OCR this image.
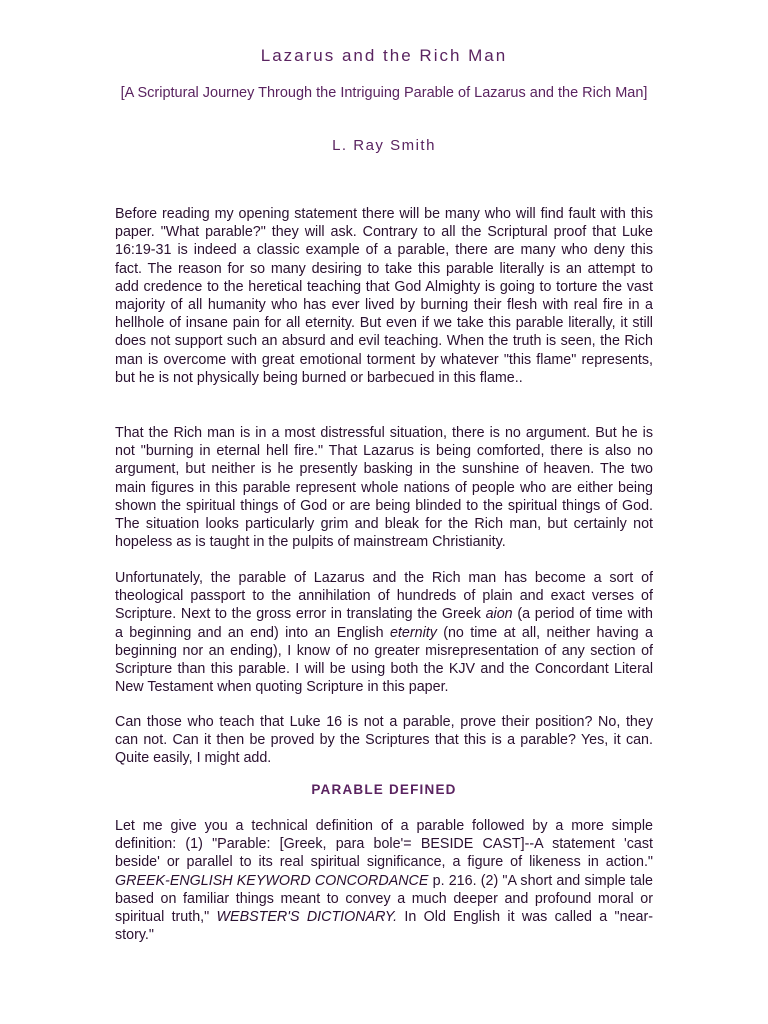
Lazarus and the Rich Man

[A Scriptural Journey Through the Intriguing Parable of Lazarus and the Rich Man]

L. Ray Smith

Before reading my opening statement there will be many who will find fault with this paper. "What parable?" they will ask. Contrary to all the Scriptural proof that Luke 16:19-31 is indeed a classic example of a parable, there are many who deny this fact. The reason for so many desiring to take this parable literally is an attempt to add credence to the heretical teaching that God Almighty is going to torture the vast majority of all humanity who has ever lived by burning their flesh with real fire in a hellhole of insane pain for all eternity. But even if we take this parable literally, it still does not support such an absurd and evil teaching. When the truth is seen, the Rich man is overcome with great emotional torment by whatever "this flame" represents, but he is not physically being burned or barbecued in this flame..

That the Rich man is in a most distressful situation, there is no argument. But he is not "burning in eternal hell fire." That Lazarus is being comforted, there is also no argument, but neither is he presently basking in the sunshine of heaven. The two main figures in this parable represent whole nations of people who are either being shown the spiritual things of God or are being blinded to the spiritual things of God. The situation looks particularly grim and bleak for the Rich man, but certainly not hopeless as is taught in the pulpits of mainstream Christianity.

Unfortunately, the parable of Lazarus and the Rich man has become a sort of theological passport to the annihilation of hundreds of plain and exact verses of Scripture. Next to the gross error in translating the Greek aion (a period of time with a beginning and an end) into an English eternity (no time at all, neither having a beginning nor an ending), I know of no greater misrepresentation of any section of Scripture than this parable. I will be using both the KJV and the Concordant Literal New Testament when quoting Scripture in this paper.

Can those who teach that Luke 16 is not a parable, prove their position? No, they can not. Can it then be proved by the Scriptures that this is a parable? Yes, it can. Quite easily, I might add.

PARABLE DEFINED

Let me give you a technical definition of a parable followed by a more simple definition: (1) "Parable: [Greek, para bole'= BESIDE CAST]--A statement 'cast beside' or parallel to its real spiritual significance, a figure of likeness in action." GREEK-ENGLISH KEYWORD CONCORDANCE p. 216. (2) "A short and simple tale based on familiar things meant to convey a much deeper and profound moral or spiritual truth," WEBSTER'S DICTIONARY. In Old English it was called a "near-story."
